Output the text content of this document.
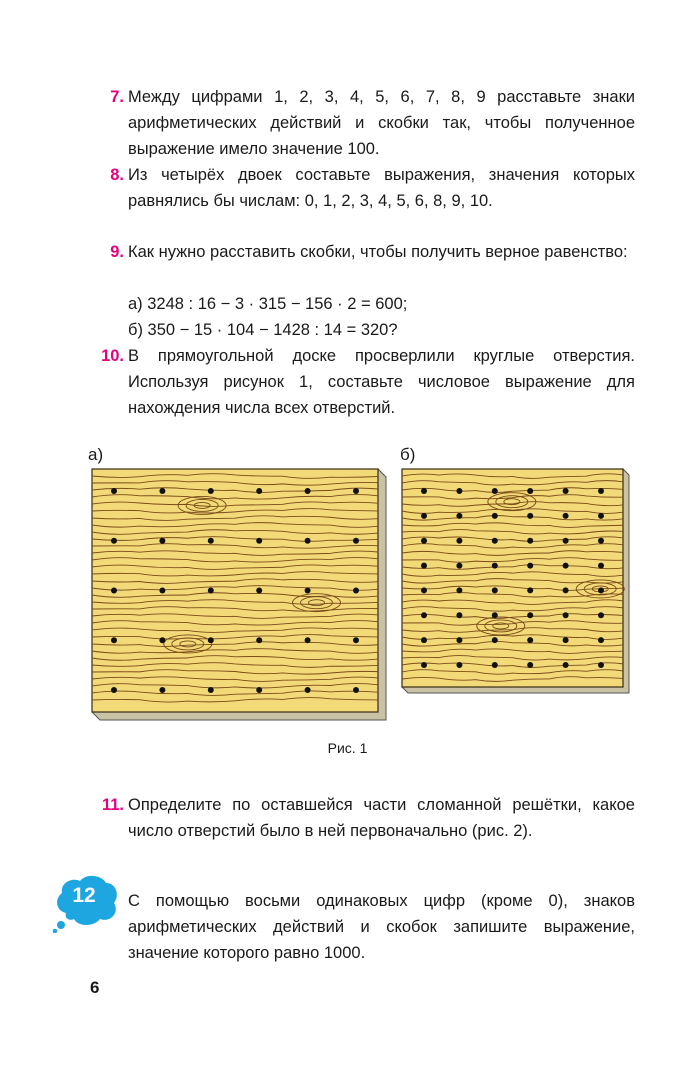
7. Между цифрами 1, 2, 3, 4, 5, 6, 7, 8, 9 расставьте знаки арифметических действий и скобки так, чтобы полученное выражение имело значение 100.
8. Из четырёх двоек составьте выражения, значения которых равнялись бы числам: 0, 1, 2, 3, 4, 5, 6, 8, 9, 10.
9. Как нужно расставить скобки, чтобы получить верное равенство:
а) 3248 : 16 − 3 · 315 − 156 · 2 = 600;
б) 350 − 15 · 104 − 1428 : 14 = 320?
10. В прямоугольной доске просверлили круглые отверстия. Используя рисунок 1, составьте числовое выражение для нахождения числа всех отверстий.
а)	б)
Рис. 1
11. Определите по оставшейся части сломанной решётки, какое число отверстий было в ней первоначально (рис. 2).
12	С помощью восьми одинаковых цифр (кроме 0), знаков арифметических действий и скобок запишите выражение, значение которого равно 1000.
6
